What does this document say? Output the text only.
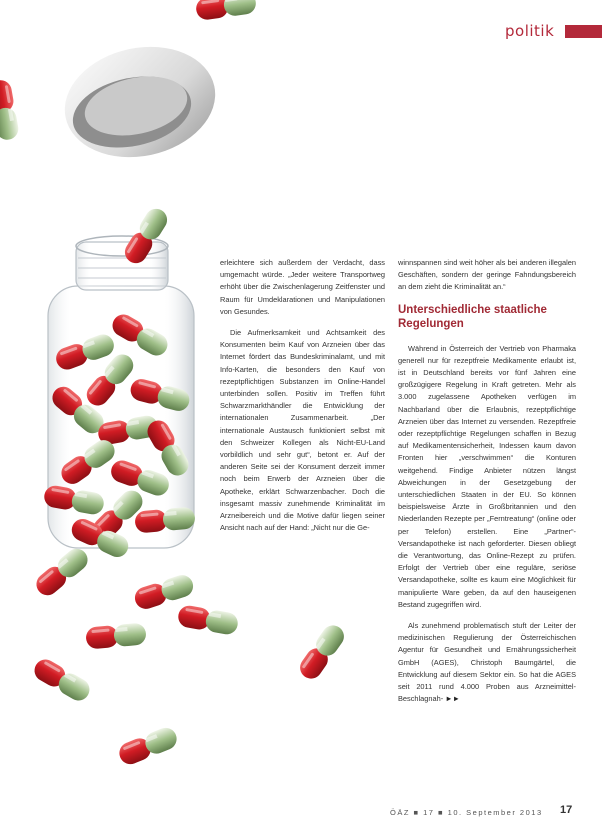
politik

erleichtere sich außerdem der Verdacht, dass umgemacht würde. „Jeder weitere Transportweg erhöht über die Zwischenlagerung Zeitfenster und Raum für Umdeklarationen und Manipulationen von Gesundes.

Die Aufmerksamkeit und Achtsamkeit des Konsumenten beim Kauf von Arzneien über das Internet fördert das Bundeskriminalamt, und mit Info-Karten, die besonders den Kauf von rezeptpflichtigen Substanzen im Online-Handel unterbinden sollen. Positiv im Treffen führt Schwarzmarkthändler die Entwicklung der internationalen Zusammenarbeit. „Der internationale Austausch funktioniert selbst mit den Schweizer Kollegen als Nicht-EU-Land vorbildlich und sehr gut“, betont er. Auf der anderen Seite sei der Konsument derzeit immer noch beim Erwerb der Arzneien über die Apotheke, erklärt Schwarzenbacher. Doch die insgesamt massiv zunehmende Kriminalität im Arzneibereich und die Motive dafür liegen seiner Ansicht nach auf der Hand: „Nicht nur die Ge-

winnspannen sind weit höher als bei anderen illegalen Geschäften, sondern der geringe Fahndungsbereich an dem zieht die Kriminalität an.“

Unterschiedliche staatliche Regelungen

Während in Österreich der Vertrieb von Pharmaka generell nur für rezeptfreie Medikamente erlaubt ist, ist in Deutschland bereits vor fünf Jahren eine großzügigere Regelung in Kraft getreten. Mehr als 3.000 zugelassene Apotheken verfügen im Nachbarland über die Erlaubnis, rezeptpflichtige Arzneien über das Internet zu versenden. Rezeptfreie oder rezeptpflichtige Regelungen schaffen in Bezug auf Medikamentensicherheit, Indessen kaum davon Fronten hier „verschwimmen“ die Konturen weitgehend. Findige Anbieter nützen längst Abweichungen in der Gesetzgebung der unterschiedlichen Staaten in der EU. So können beispielsweise Ärzte in Großbritannien und den Niederlanden Rezepte per „Ferntreatung“ (online oder per Telefon) erstellen. Eine „Partner“-Versandapotheke ist nach geforderter. Diesen obliegt die Verantwortung, das Online-Rezept zu prüfen. Erfolgt der Vertrieb über eine reguläre, seriöse Versandapotheke, sollte es kaum eine Möglichkeit für manipulierte Ware geben, da auf den hauseigenen Bestand zugegriffen wird.

Als zunehmend problematisch stuft der Leiter der medizinischen Regulierung der Österreichischen Agentur für Gesundheit und Ernährungssicherheit GmbH (AGES), Christoph Baumgärtel, die Entwicklung auf diesem Sektor ein. So hat die AGES seit 2011 rund 4.000 Proben aus Arzneimittel-Beschlagnah- ►►

ÖÄZ ■ 17 ■ 10. September 2013	17
